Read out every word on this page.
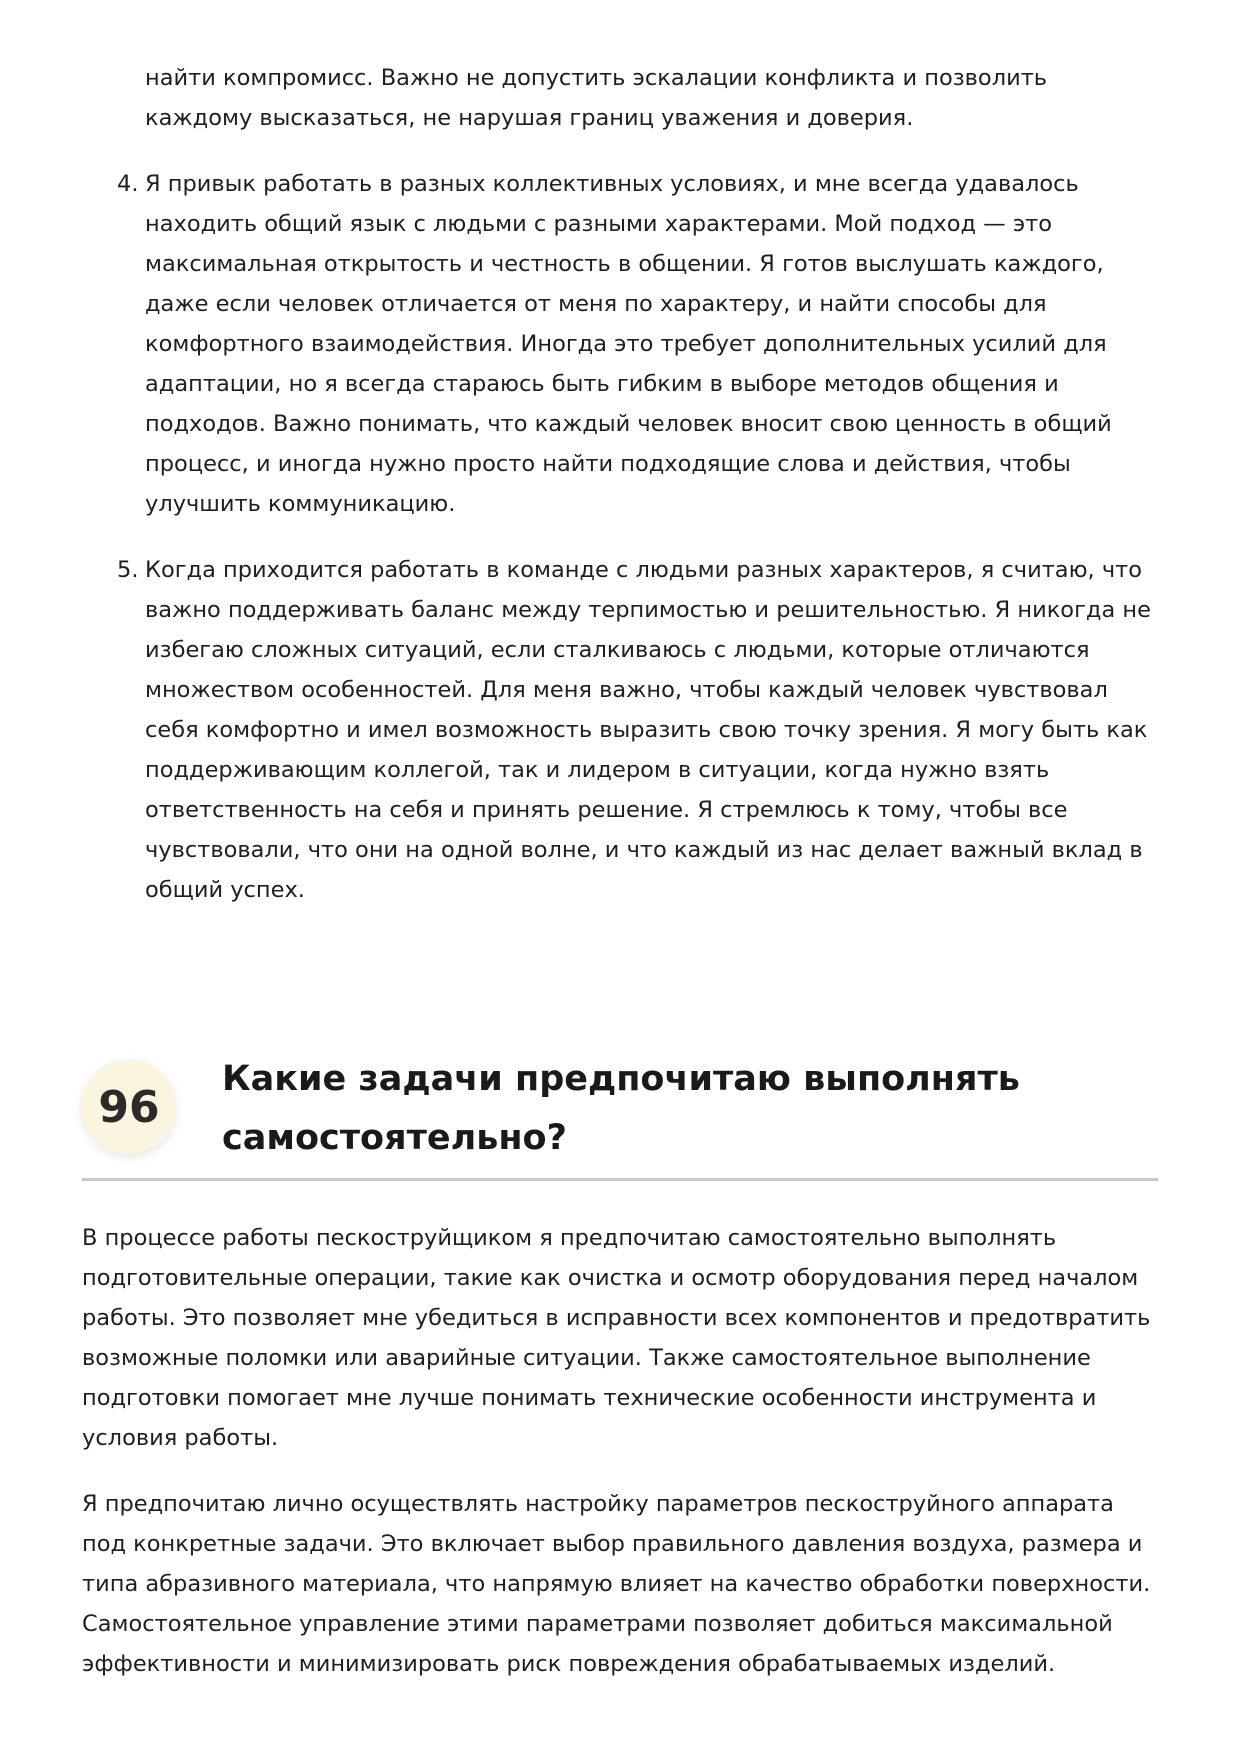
найти компромисс. Важно не допустить эскалации конфликта и позволить каждому высказаться, не нарушая границ уважения и доверия.
4. Я привык работать в разных коллективных условиях, и мне всегда удавалось находить общий язык с людьми с разными характерами. Мой подход — это максимальная открытость и честность в общении. Я готов выслушать каждого, даже если человек отличается от меня по характеру, и найти способы для комфортного взаимодействия. Иногда это требует дополнительных усилий для адаптации, но я всегда стараюсь быть гибким в выборе методов общения и подходов. Важно понимать, что каждый человек вносит свою ценность в общий процесс, и иногда нужно просто найти подходящие слова и действия, чтобы улучшить коммуникацию.
5. Когда приходится работать в команде с людьми разных характеров, я считаю, что важно поддерживать баланс между терпимостью и решительностью. Я никогда не избегаю сложных ситуаций, если сталкиваюсь с людьми, которые отличаются множеством особенностей. Для меня важно, чтобы каждый человек чувствовал себя комфортно и имел возможность выразить свою точку зрения. Я могу быть как поддерживающим коллегой, так и лидером в ситуации, когда нужно взять ответственность на себя и принять решение. Я стремлюсь к тому, чтобы все чувствовали, что они на одной волне, и что каждый из нас делает важный вклад в общий успех.
96
Какие задачи предпочитаю выполнять самостоятельно?

В процессе работы пескоструйщиком я предпочитаю самостоятельно выполнять подготовительные операции, такие как очистка и осмотр оборудования перед началом работы. Это позволяет мне убедиться в исправности всех компонентов и предотвратить возможные поломки или аварийные ситуации. Также самостоятельное выполнение подготовки помогает мне лучше понимать технические особенности инструмента и условия работы.

Я предпочитаю лично осуществлять настройку параметров пескоструйного аппарата под конкретные задачи. Это включает выбор правильного давления воздуха, размера и типа абразивного материала, что напрямую влияет на качество обработки поверхности. Самостоятельное управление этими параметрами позволяет добиться максимальной эффективности и минимизировать риск повреждения обрабатываемых изделий.
